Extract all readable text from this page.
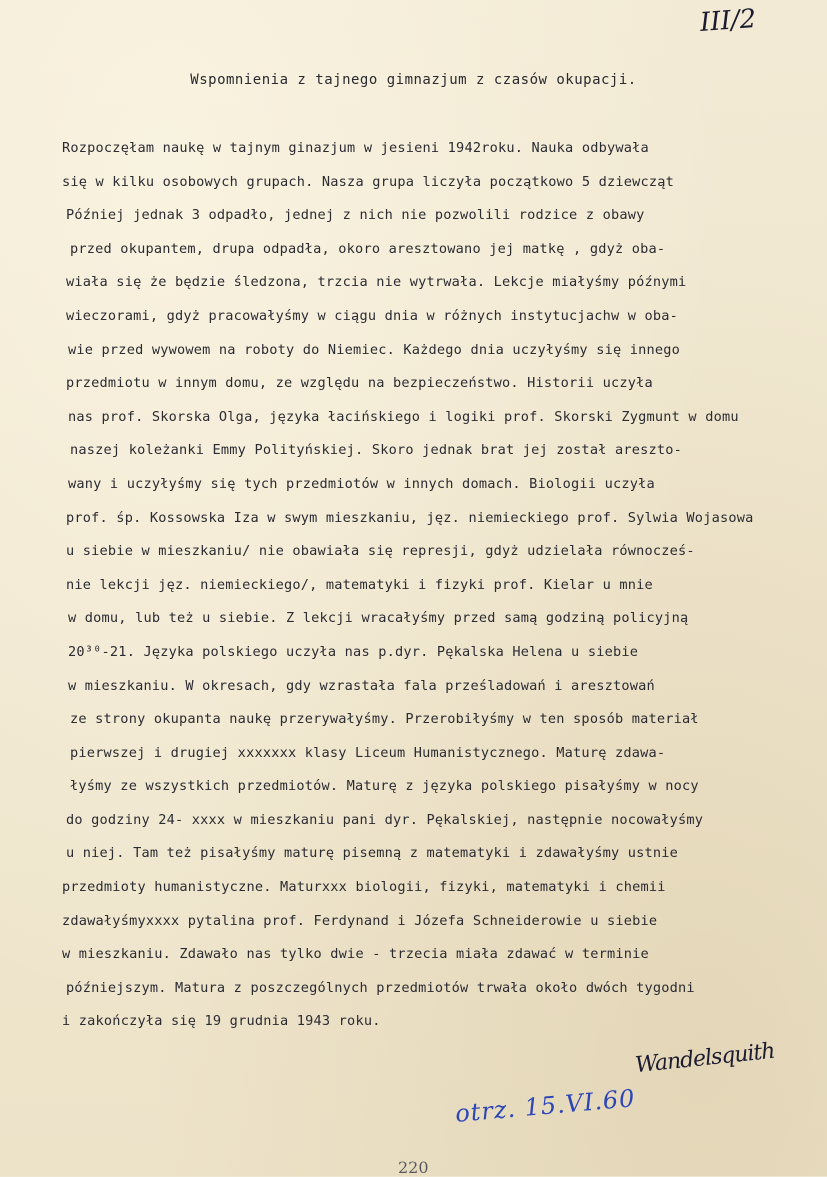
III/2
Wspomnienia z tajnego gimnazjum z czasów okupacji.
Rozpoczęłam naukę w tajnym ginazjum w jesieni 1942roku. Nauka odbywała
się w kilku osobowych grupach. Nasza grupa liczyła początkowo 5 dziewcząt
Później jednak 3 odpadło, jednej z nich nie pozwolili rodzice z obawy
przed okupantem, drupa odpadła, okoro aresztowano jej matkę , gdyż oba-
wiała się że będzie śledzona, trzcia nie wytrwała. Lekcje miałyśmy późnymi
wieczorami, gdyż pracowałyśmy w ciągu dnia w różnych instytucjachw w oba-
wie przed wywowem na roboty do Niemiec. Każdego dnia uczyłyśmy się innego
przedmiotu w innym domu, ze względu na bezpieczeństwo. Historii uczyła
nas prof. Skorska Olga, języka łacińskiego i logiki prof. Skorski Zygmunt w domu
naszej koleżanki Emmy Polityńskiej. Skoro jednak brat jej został areszto-
wany i uczyłyśmy się tych przedmiotów w innych domach. Biologii uczyła
prof. śp. Kossowska Iza w swym mieszkaniu, jęz. niemieckiego prof. Sylwia Wojasowa
u siebie w mieszkaniu/ nie obawiała się represji, gdyż udzielała równocześ-
nie lekcji jęz. niemieckiego/, matematyki i fizyki prof. Kielar u mnie
w domu, lub też u siebie. Z lekcji wracałyśmy przed samą godziną policyjną
20³⁰-21. Języka polskiego uczyła nas p.dyr. Pękalska Helena u siebie
w mieszkaniu. W okresach, gdy wzrastała fala prześladowań i aresztowań
ze strony okupanta naukę przerywałyśmy. Przerobiłyśmy w ten sposób materiał
pierwszej i drugiej xxxxxxx klasy Liceum Humanistycznego. Maturę zdawa-
łyśmy ze wszystkich przedmiotów. Maturę z języka polskiego pisałyśmy w nocy
do godziny 24- xxxx w mieszkaniu pani dyr. Pękalskiej, następnie nocowałyśmy
u niej. Tam też pisałyśmy maturę pisemną z matematyki i zdawałyśmy ustnie
przedmioty humanistyczne. Maturxxx biologii, fizyki, matematyki i chemii
zdawałyśmyxxxx pytalina prof. Ferdynand i Józefa Schneiderowie u siebie
w mieszkaniu. Zdawało nas tylko dwie - trzecia miała zdawać w terminie
późniejszym. Matura z poszczególnych przedmiotów trwała około dwóch tygodni
i zakończyła się 19 grudnia 1943 roku.
Wandelsquith
otrz. 15.VI.60
220
